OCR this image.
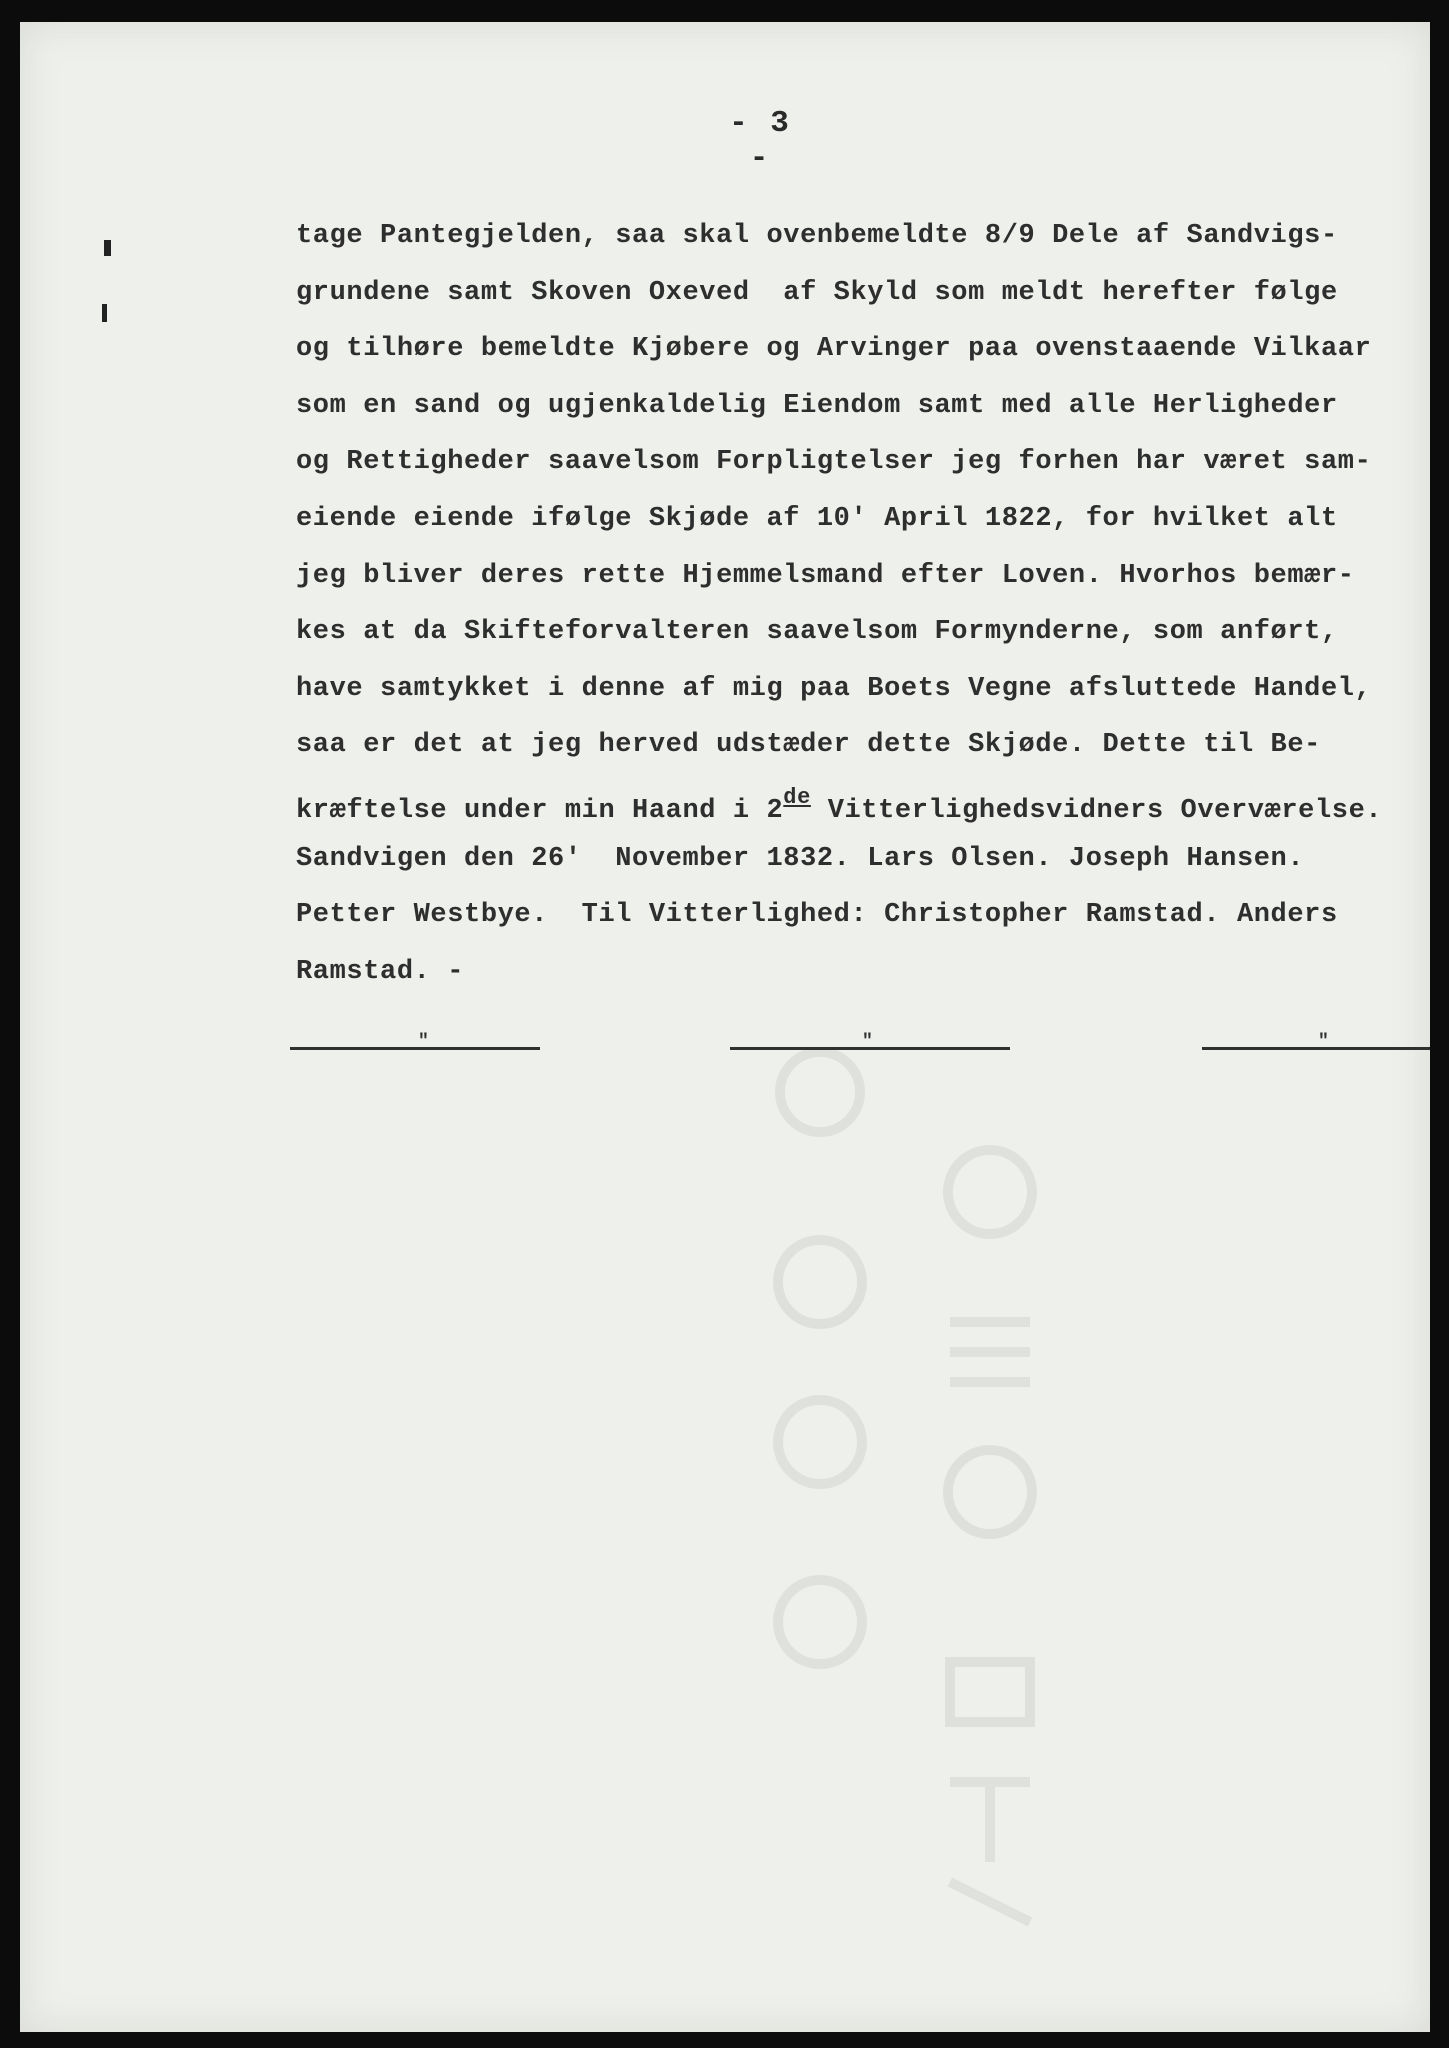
- 3 -
tage Pantegjelden, saa skal ovenbemeldte 8/9 Dele af Sandvigs-
grundene samt Skoven Oxeved  af Skyld som meldt herefter følge
og tilhøre bemeldte Kjøbere og Arvinger paa ovenstaaende Vilkaar
som en sand og ugjenkaldelig Eiendom samt med alle Herligheder
og Rettigheder saavelsom Forpligtelser jeg forhen har været sam-
eiende eiende ifølge Skjøde af 10' April 1822, for hvilket alt
jeg bliver deres rette Hjemmelsmand efter Loven. Hvorhos bemær-
kes at da Skifteforvalteren saavelsom Formynderne, som anført,
have samtykket i denne af mig paa Boets Vegne afsluttede Handel,
saa er det at jeg herved udstæder dette Skjøde. Dette til Be-
kræftelse under min Haand i 2de Vitterlighedsvidners Overværelse.
Sandvigen den 26'  November 1832. Lars Olsen. Joseph Hansen.
Petter Westbye.  Til Vitterlighed: Christopher Ramstad. Anders
Ramstad. -
"	"	"
